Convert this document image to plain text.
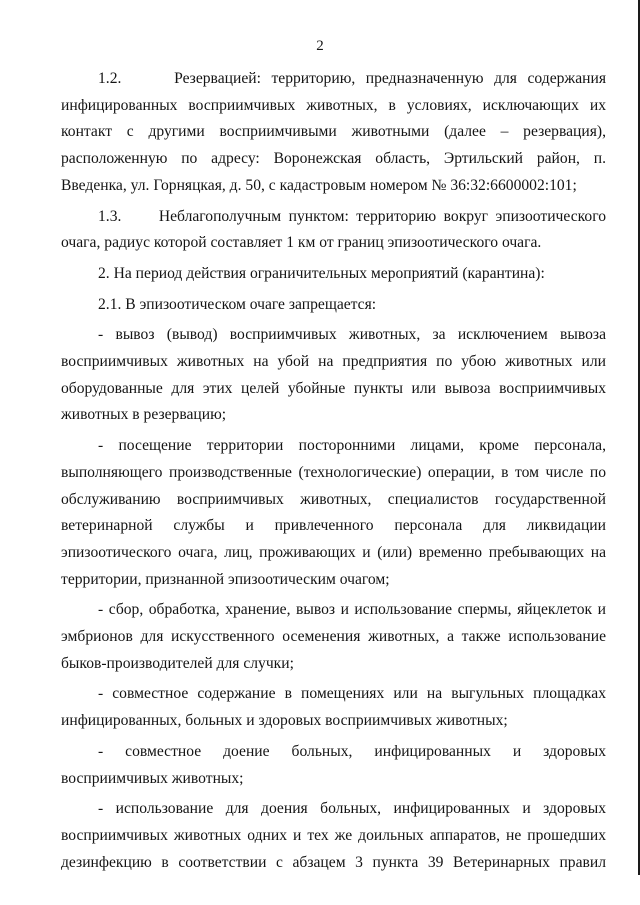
2

1.2.     Резервацией: территорию, предназначенную для содержания инфицированных восприимчивых животных, в условиях, исключающих их контакт с другими восприимчивыми животными (далее – резервация), расположенную по адресу: Воронежская область, Эртильский район, п. Введенка, ул. Горняцкая, д. 50, с кадастровым номером № 36:32:6600002:101;

1.3.     Неблагополучным пунктом: территорию вокруг эпизоотического очага, радиус которой составляет 1 км от границ эпизоотического очага.

2. На период действия ограничительных мероприятий (карантина):

2.1. В эпизоотическом очаге запрещается:

- вывоз (вывод) восприимчивых животных, за исключением вывоза восприимчивых животных на убой на предприятия по убою животных или оборудованные для этих целей убойные пункты или вывоза восприимчивых животных в резервацию;

- посещение территории посторонними лицами, кроме персонала, выполняющего производственные (технологические) операции, в том числе по обслуживанию восприимчивых животных, специалистов государственной ветеринарной службы и привлеченного персонала для ликвидации эпизоотического очага, лиц, проживающих и (или) временно пребывающих на территории, признанной эпизоотическим очагом;

- сбор, обработка, хранение, вывоз и использование спермы, яйцеклеток и эмбрионов для искусственного осеменения животных, а также использование быков-производителей для случки;

- совместное содержание в помещениях или на выгульных площадках инфицированных, больных и здоровых восприимчивых животных;

- совместное доение больных, инфицированных и здоровых восприимчивых животных;

- использование для доения больных, инфицированных и здоровых восприимчивых животных одних и тех же доильных аппаратов, не прошедших дезинфекцию в соответствии с абзацем 3 пункта 39 Ветеринарных правил
